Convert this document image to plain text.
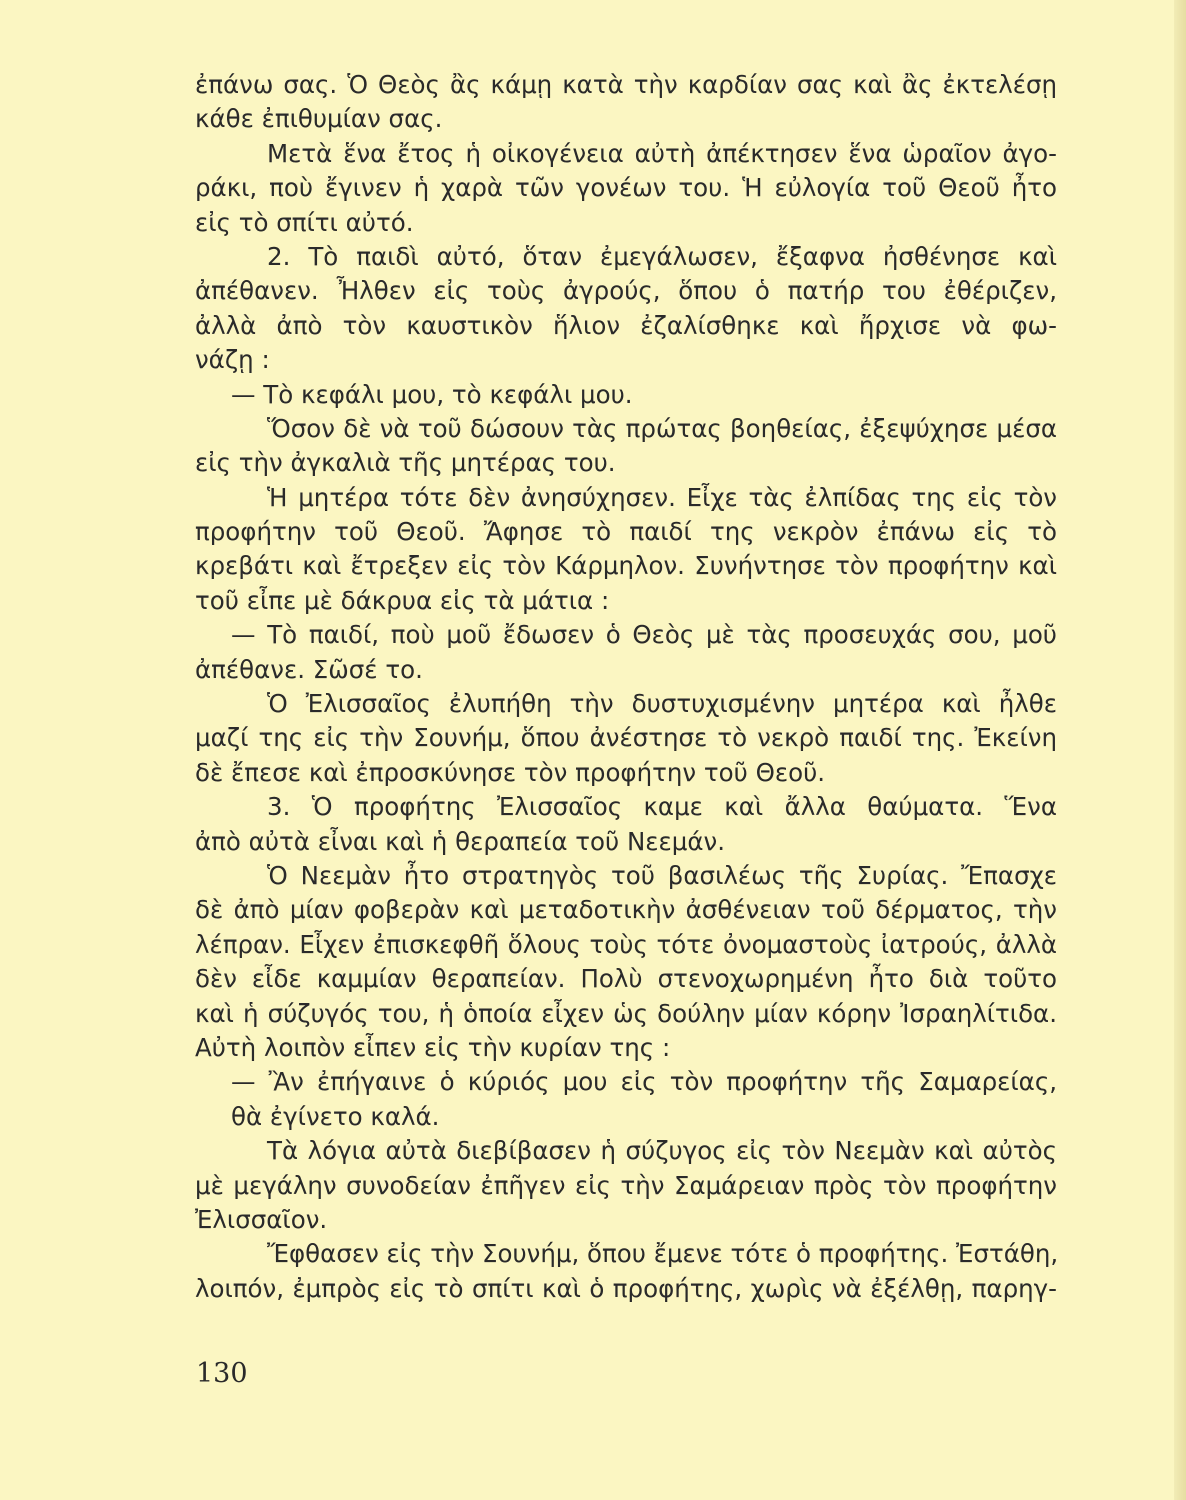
ἐπάνω σας. Ὁ Θεὸς ἂς κάμῃ κατὰ τὴν καρδίαν σας καὶ ἂς ἐκτελέσῃ
κάθε ἐπιθυμίαν σας.
Μετὰ ἕνα ἔτος ἡ οἰκογένεια αὐτὴ ἀπέκτησεν ἕνα ὡραῖον ἀγο-
ράκι, ποὺ ἔγινεν ἡ χαρὰ τῶν γονέων του. Ἡ εὐλογία τοῦ Θεοῦ ἦτο
εἰς τὸ σπίτι αὐτό.
2. Τὸ παιδὶ αὐτό, ὅταν ἐμεγάλωσεν, ἔξαφνα ἠσθένησε καὶ
ἀπέθανεν. Ἦλθεν εἰς τοὺς ἀγρούς, ὅπου ὁ πατήρ του ἐθέριζεν,
ἀλλὰ ἀπὸ τὸν καυστικὸν ἥλιον ἐζαλίσθηκε καὶ ἤρχισε νὰ φω-
νάζῃ :
— Τὸ κεφάλι μου, τὸ κεφάλι μου.
Ὅσον δὲ νὰ τοῦ δώσουν τὰς πρώτας βοηθείας, ἐξεψύχησε μέσα
εἰς τὴν ἀγκαλιὰ τῆς μητέρας του.
Ἡ μητέρα τότε δὲν ἀνησύχησεν. Εἶχε τὰς ἐλπίδας της εἰς τὸν
προφήτην τοῦ Θεοῦ. Ἄφησε τὸ παιδί της νεκρὸν ἐπάνω εἰς τὸ
κρεβάτι καὶ ἔτρεξεν εἰς τὸν Κάρμηλον. Συνήντησε τὸν προφήτην καὶ
τοῦ εἶπε μὲ δάκρυα εἰς τὰ μάτια :
— Τὸ παιδί, ποὺ μοῦ ἔδωσεν ὁ Θεὸς μὲ τὰς προσευχάς σου, μοῦ
ἀπέθανε. Σῶσέ το.
Ὁ Ἐλισσαῖος ἐλυπήθη τὴν δυστυχισμένην μητέρα καὶ ἦλθε
μαζί της εἰς τὴν Σουνήμ, ὅπου ἀνέστησε τὸ νεκρὸ παιδί της. Ἐκείνη
δὲ ἔπεσε καὶ ἐπροσκύνησε τὸν προφήτην τοῦ Θεοῦ.
3. Ὁ προφήτης Ἐλισσαῖος καμε καὶ ἄλλα θαύματα. Ἕνα
ἀπὸ αὐτὰ εἶναι καὶ ἡ θεραπεία τοῦ Νεεμάν.
Ὁ Νεεμὰν ἦτο στρατηγὸς τοῦ βασιλέως τῆς Συρίας. Ἔπασχε
δὲ ἀπὸ μίαν φοβερὰν καὶ μεταδοτικὴν ἀσθένειαν τοῦ δέρματος, τὴν
λέπραν. Εἶχεν ἐπισκεφθῆ ὅλους τοὺς τότε ὀνομαστοὺς ἰατρούς, ἀλλὰ
δὲν εἶδε καμμίαν θεραπείαν. Πολὺ στενοχωρημένη ἦτο διὰ τοῦτο
καὶ ἡ σύζυγός του, ἡ ὁποία εἶχεν ὡς δούλην μίαν κόρην Ἰσραηλίτιδα.
Αὐτὴ λοιπὸν εἶπεν εἰς τὴν κυρίαν της :
— Ἂν ἐπήγαινε ὁ κύριός μου εἰς τὸν προφήτην τῆς Σαμαρείας,
θὰ ἐγίνετο καλά.
Τὰ λόγια αὐτὰ διεβίβασεν ἡ σύζυγος εἰς τὸν Νεεμὰν καὶ αὐτὸς
μὲ μεγάλην συνοδείαν ἐπῆγεν εἰς τὴν Σαμάρειαν πρὸς τὸν προφήτην
Ἐλισσαῖον.
Ἔφθασεν εἰς τὴν Σουνήμ, ὅπου ἔμενε τότε ὁ προφήτης. Ἐστάθη,
λοιπόν, ἐμπρὸς εἰς τὸ σπίτι καὶ ὁ προφήτης, χωρὶς νὰ ἐξέλθῃ, παρηγ-
130
